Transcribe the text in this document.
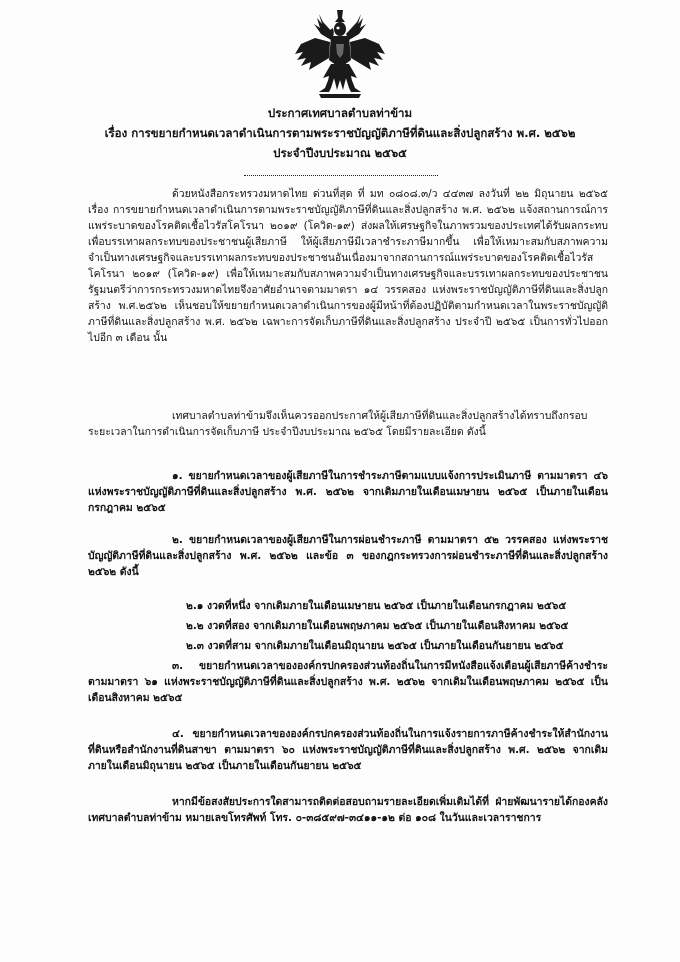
ประกาศเทศบาลตำบลท่าข้าม
เรื่อง การขยายกำหนดเวลาดำเนินการตามพระราชบัญญัติภาษีที่ดินและสิ่งปลูกสร้าง พ.ศ. ๒๕๖๒
ประจำปีงบประมาณ ๒๕๖๕
ด้วยหนังสือกระทรวงมหาดไทย ด่วนที่สุด ที่ มท ๐๘๐๘.๓/ว ๔๔๓๗ ลงวันที่ ๒๒ มิถุนายน ๒๕๖๕ เรื่อง การขยายกำหนดเวลาดำเนินการตามพระราชบัญญัติภาษีที่ดินและสิ่งปลูกสร้าง พ.ศ. ๒๕๖๒ แจ้งสถานการณ์การแพร่ระบาดของโรคติดเชื้อไวรัสโคโรนา ๒๐๑๙ (โควิด-๑๙) ส่งผลให้เศรษฐกิจในภาพรวมของประเทศได้รับผลกระทบ เพื่อบรรเทาผลกระทบของประชาชนผู้เสียภาษี ให้ผู้เสียภาษีมีเวลาชำระภาษีมากขึ้น เพื่อให้เหมาะสมกับสภาพความจำเป็นทางเศรษฐกิจและบรรเทาผลกระทบของประชาชนอันเนื่องมาจากสถานการณ์แพร่ระบาดของโรคติดเชื้อไวรัสโคโรนา ๒๐๑๙ (โควิด-๑๙) เพื่อให้เหมาะสมกับสภาพความจำเป็นทางเศรษฐกิจและบรรเทาผลกระทบของประชาชนรัฐมนตรีว่าการกระทรวงมหาดไทยจึงอาศัยอำนาจตามมาตรา ๑๔ วรรคสอง แห่งพระราชบัญญัติภาษีที่ดินและสิ่งปลูกสร้าง พ.ศ.๒๕๖๒ เห็นชอบให้ขยายกำหนดเวลาดำเนินการของผู้มีหน้าที่ต้องปฏิบัติตามกำหนดเวลาในพระราชบัญญัติภาษีที่ดินและสิ่งปลูกสร้าง พ.ศ. ๒๕๖๒ เฉพาะการจัดเก็บภาษีที่ดินและสิ่งปลูกสร้าง ประจำปี ๒๕๖๕ เป็นการทั่วไปออกไปอีก ๓ เดือน นั้น
เทศบาลตำบลท่าข้ามจึงเห็นควรออกประกาศให้ผู้เสียภาษีที่ดินและสิ่งปลูกสร้างได้ทราบถึงกรอบระยะเวลาในการดำเนินการจัดเก็บภาษี ประจำปีงบประมาณ ๒๕๖๕ โดยมีรายละเอียด ดังนี้
๑. ขยายกำหนดเวลาของผู้เสียภาษีในการชำระภาษีตามแบบแจ้งการประเมินภาษี ตามมาตรา ๔๖ แห่งพระราชบัญญัติภาษีที่ดินและสิ่งปลูกสร้าง พ.ศ. ๒๕๖๒ จากเดิมภายในเดือนเมษายน ๒๕๖๕ เป็นภายในเดือนกรกฎาคม ๒๕๖๕
๒. ขยายกำหนดเวลาของผู้เสียภาษีในการผ่อนชำระภาษี ตามมาตรา ๕๒ วรรคสอง แห่งพระราชบัญญัติภาษีที่ดินและสิ่งปลูกสร้าง พ.ศ. ๒๕๖๒ และข้อ ๓ ของกฎกระทรวงการผ่อนชำระภาษีที่ดินและสิ่งปลูกสร้าง ๒๕๖๒ ดังนี้
๒.๑ งวดที่หนึ่ง จากเดิมภายในเดือนเมษายน ๒๕๖๕ เป็นภายในเดือนกรกฎาคม ๒๕๖๕
๒.๒ งวดที่สอง จากเดิมภายในเดือนพฤษภาคม ๒๕๖๕ เป็นภายในเดือนสิงหาคม ๒๕๖๕
๒.๓ งวดที่สาม จากเดิมภายในเดือนมิถุนายน ๒๕๖๕ เป็นภายในเดือนกันยายน ๒๕๖๕
๓. ขยายกำหนดเวลาขององค์กรปกครองส่วนท้องถิ่นในการมีหนังสือแจ้งเตือนผู้เสียภาษีค้างชำระ ตามมาตรา ๖๑ แห่งพระราชบัญญัติภาษีที่ดินและสิ่งปลูกสร้าง พ.ศ. ๒๕๖๒ จากเดิมในเดือนพฤษภาคม ๒๕๖๕ เป็นเดือนสิงหาคม ๒๕๖๕
๔. ขยายกำหนดเวลาขององค์กรปกครองส่วนท้องถิ่นในการแจ้งรายการภาษีค้างชำระให้สำนักงานที่ดินหรือสำนักงานที่ดินสาขา ตามมาตรา ๖๐ แห่งพระราชบัญญัติภาษีที่ดินและสิ่งปลูกสร้าง พ.ศ. ๒๕๖๒ จากเดิมภายในเดือนมิถุนายน ๒๕๖๕ เป็นภายในเดือนกันยายน ๒๕๖๕
หากมีข้อสงสัยประการใดสามารถติดต่อสอบถามรายละเอียดเพิ่มเติมได้ที่ ฝ่ายพัฒนารายได้กองคลัง เทศบาลตำบลท่าข้าม หมายเลขโทรศัพท์ โทร. ๐-๓๘๕๙๗-๓๔๑๑-๑๒ ต่อ ๑๐๘ ในวันและเวลาราชการ
